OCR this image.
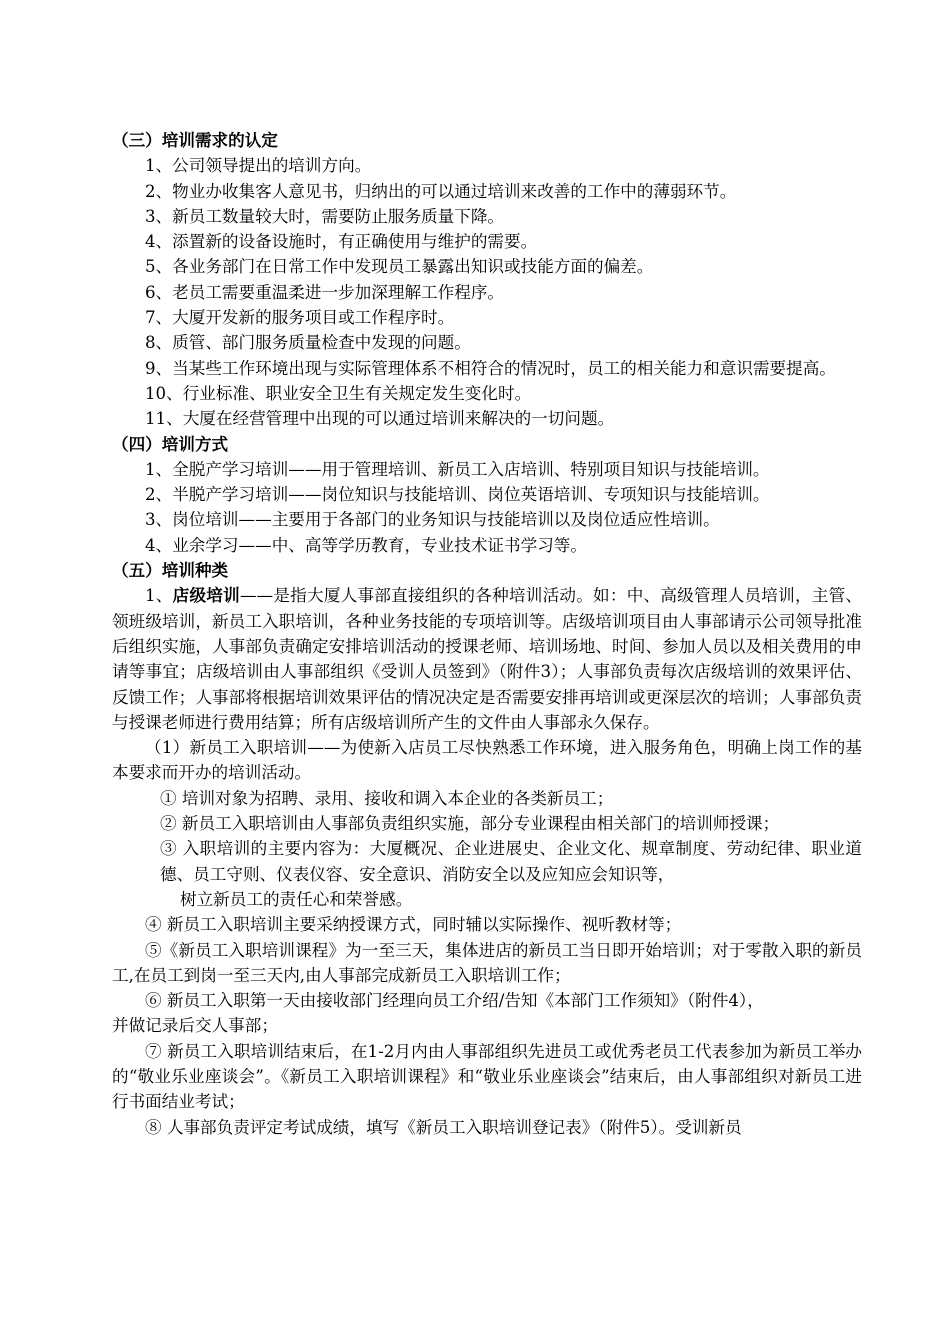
（三）培训需求的认定

1、公司领导提出的培训方向。

2、物业办收集客人意见书，归纳出的可以通过培训来改善的工作中的薄弱环节。

3、新员工数量较大时，需要防止服务质量下降。

4、添置新的设备设施时，有正确使用与维护的需要。

5、各业务部门在日常工作中发现员工暴露出知识或技能方面的偏差。

6、老员工需要重温柔进一步加深理解工作程序。

7、大厦开发新的服务项目或工作程序时。

8、质管、部门服务质量检查中发现的问题。

9、当某些工作环境出现与实际管理体系不相符合的情况时，员工的相关能力和意识需要提高。

10、行业标准、职业安全卫生有关规定发生变化时。

11、大厦在经营管理中出现的可以通过培训来解决的一切问题。

（四）培训方式

1、全脱产学习培训——用于管理培训、新员工入店培训、特别项目知识与技能培训。

2、半脱产学习培训——岗位知识与技能培训、岗位英语培训、专项知识与技能培训。

3、岗位培训——主要用于各部门的业务知识与技能培训以及岗位适应性培训。

4、业余学习——中、高等学历教育，专业技术证书学习等。

（五）培训种类

1、店级培训——是指大厦人事部直接组织的各种培训活动。如：中、高级管理人员培训，主管、领班级培训，新员工入职培训，各种业务技能的专项培训等。店级培训项目由人事部请示公司领导批准后组织实施，人事部负责确定安排培训活动的授课老师、培训场地、时间、参加人员以及相关费用的申请等事宜；店级培训由人事部组织《受训人员签到》（附件3）；人事部负责每次店级培训的效果评估、反馈工作；人事部将根据培训效果评估的情况决定是否需要安排再培训或更深层次的培训；人事部负责与授课老师进行费用结算；所有店级培训所产生的文件由人事部永久保存。

（1）新员工入职培训——为使新入店员工尽快熟悉工作环境，进入服务角色，明确上岗工作的基本要求而开办的培训活动。

① 培训对象为招聘、录用、接收和调入本企业的各类新员工；

② 新员工入职培训由人事部负责组织实施，部分专业课程由相关部门的培训师授课；

③ 入职培训的主要内容为：大厦概况、企业进展史、企业文化、规章制度、劳动纪律、职业道德、员工守则、仪表仪容、安全意识、消防安全以及应知应会知识等，

树立新员工的责任心和荣誉感。

④ 新员工入职培训主要采纳授课方式，同时辅以实际操作、视听教材等；

⑤《新员工入职培训课程》为一至三天，集体进店的新员工当日即开始培训；对于零散入职的新员工,在员工到岗一至三天内,由人事部完成新员工入职培训工作；

⑥ 新员工入职第一天由接收部门经理向员工介绍/告知《本部门工作须知》（附件4），

并做记录后交人事部；

⑦ 新员工入职培训结束后，在1-2月内由人事部组织先进员工或优秀老员工代表参加为新员工举办的“敬业乐业座谈会”。《新员工入职培训课程》和“敬业乐业座谈会”结束后，由人事部组织对新员工进行书面结业考试；

⑧ 人事部负责评定考试成绩，填写《新员工入职培训登记表》（附件5）。受训新员
